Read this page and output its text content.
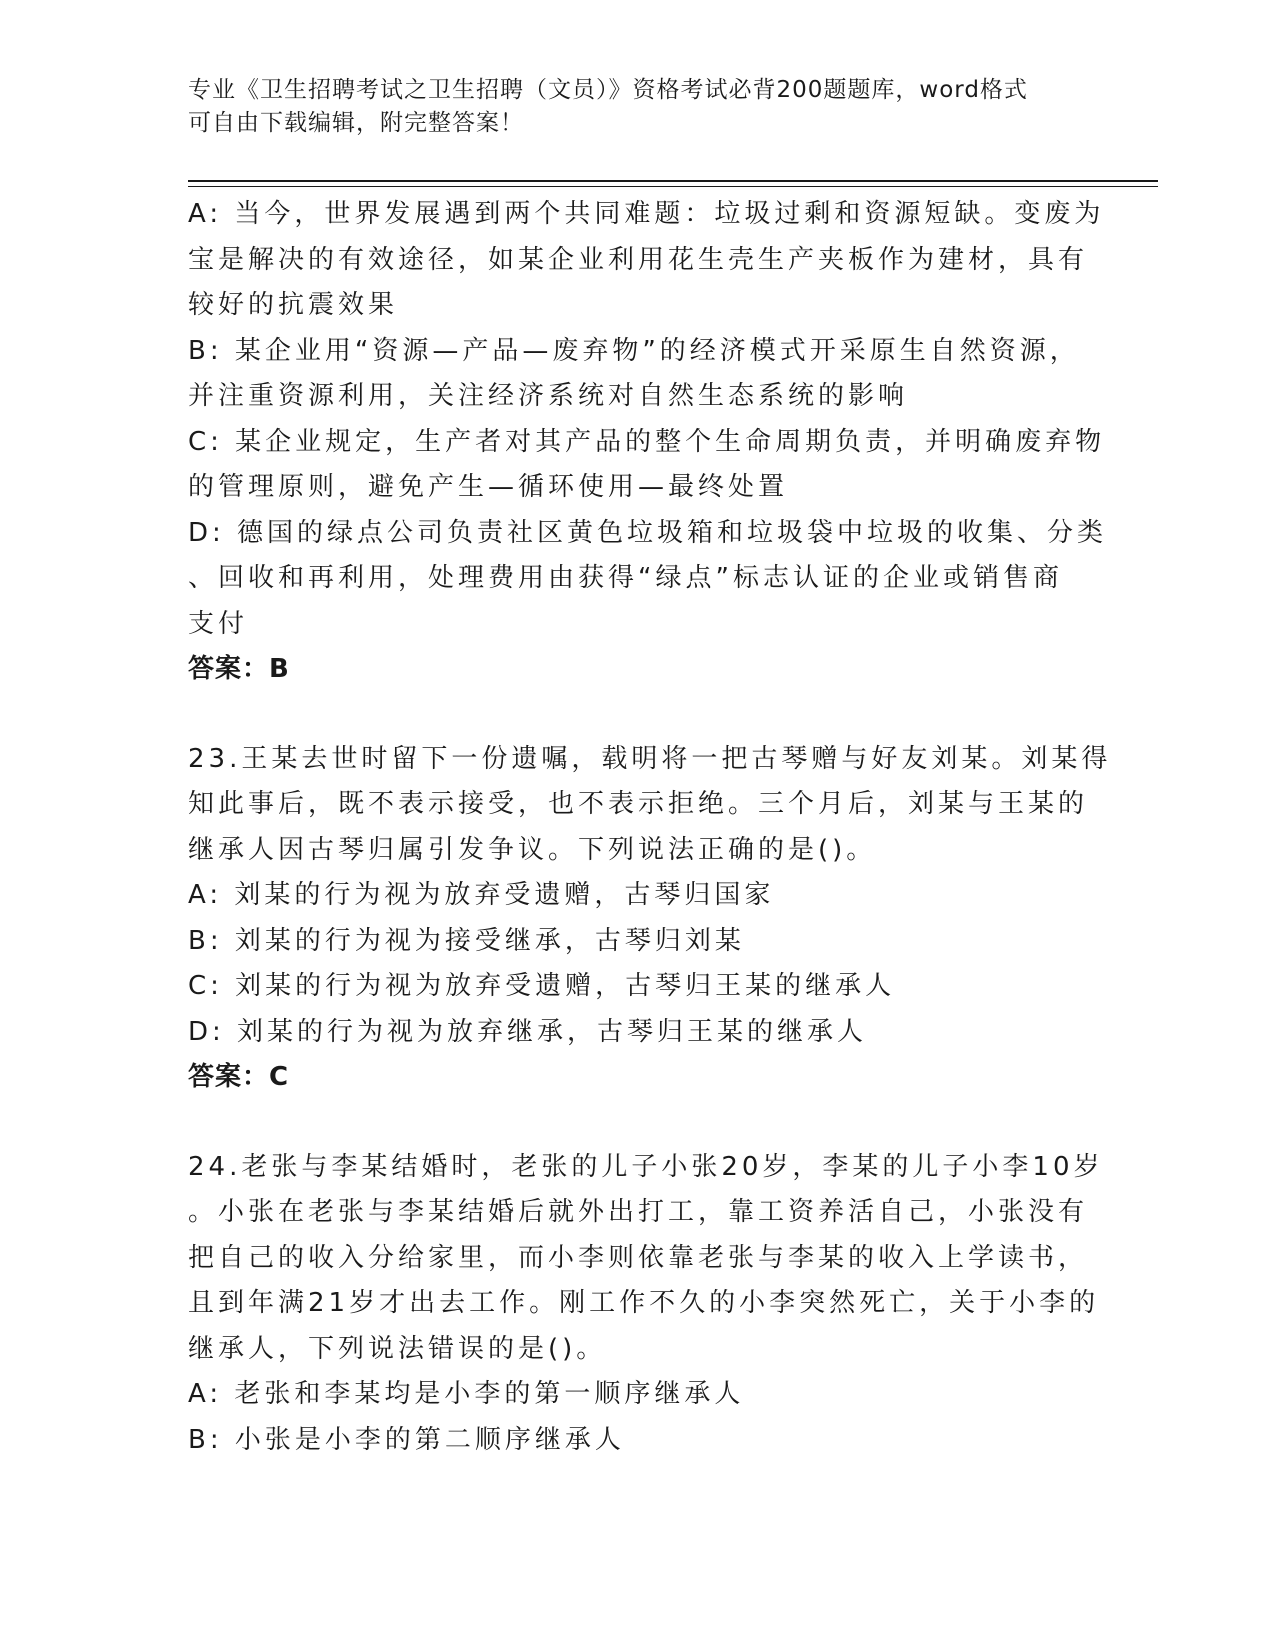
专业《卫生招聘考试之卫生招聘（文员）》资格考试必背200题题库，word格式
可自由下载编辑，附完整答案！
A: 当今，世界发展遇到两个共同难题：垃圾过剩和资源短缺。变废为
宝是解决的有效途径，如某企业利用花生壳生产夹板作为建材，具有
较好的抗震效果
B: 某企业用“资源—产品—废弃物”的经济模式开采原生自然资源，
并注重资源利用，关注经济系统对自然生态系统的影响
C: 某企业规定，生产者对其产品的整个生命周期负责，并明确废弃物
的管理原则，避免产生—循环使用—最终处置
D: 德国的绿点公司负责社区黄色垃圾箱和垃圾袋中垃圾的收集、分类
、回收和再利用，处理费用由获得“绿点”标志认证的企业或销售商
支付
答案：B
23.王某去世时留下一份遗嘱，载明将一把古琴赠与好友刘某。刘某得
知此事后，既不表示接受，也不表示拒绝。三个月后，刘某与王某的
继承人因古琴归属引发争议。下列说法正确的是()。
A: 刘某的行为视为放弃受遗赠，古琴归国家
B: 刘某的行为视为接受继承，古琴归刘某
C: 刘某的行为视为放弃受遗赠，古琴归王某的继承人
D: 刘某的行为视为放弃继承，古琴归王某的继承人
答案：C
24.老张与李某结婚时，老张的儿子小张20岁，李某的儿子小李10岁
。小张在老张与李某结婚后就外出打工，靠工资养活自己，小张没有
把自己的收入分给家里，而小李则依靠老张与李某的收入上学读书，
且到年满21岁才出去工作。刚工作不久的小李突然死亡，关于小李的
继承人，下列说法错误的是()。
A: 老张和李某均是小李的第一顺序继承人
B: 小张是小李的第二顺序继承人
